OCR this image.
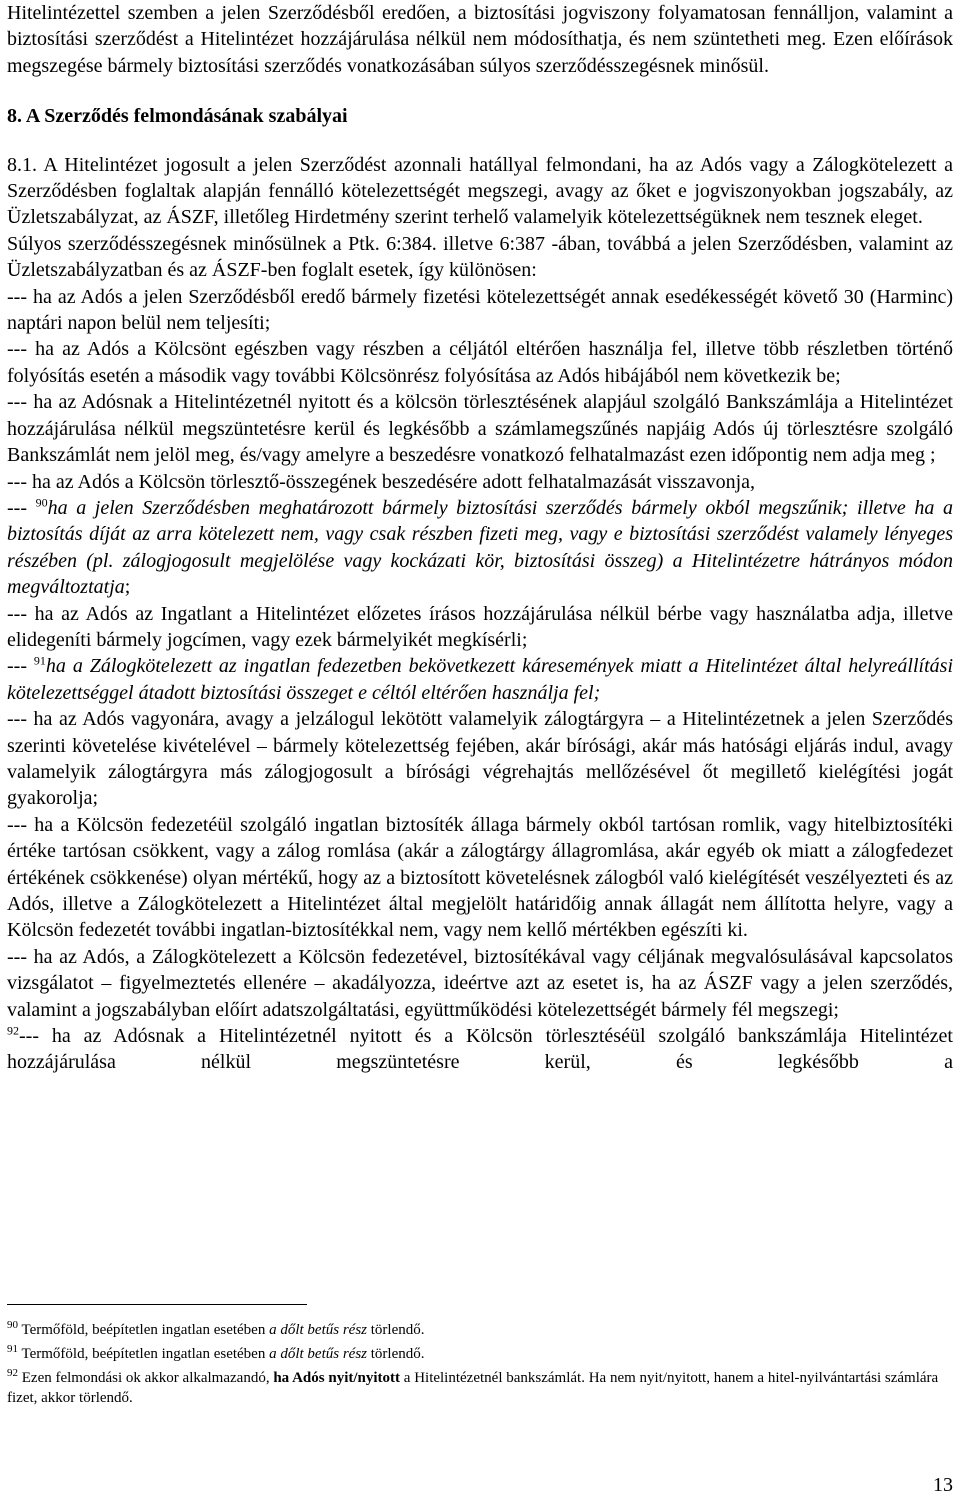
Hitelintézettel szemben a jelen Szerződésből eredően, a biztosítási jogviszony folyamatosan fennálljon, valamint a biztosítási szerződést a Hitelintézet hozzájárulása nélkül nem módosíthatja, és nem szüntetheti meg. Ezen előírások megszegése bármely biztosítási szerződés vonatkozásában súlyos szerződésszegésnek minősül.

8. A Szerződés felmondásának szabályai

8.1. A Hitelintézet jogosult a jelen Szerződést azonnali hatállyal felmondani, ha az Adós vagy a Zálogkötelezett a Szerződésben foglaltak alapján fennálló kötelezettségét megszegi, avagy az őket e jogviszonyokban jogszabály, az Üzletszabályzat, az ÁSZF, illetőleg Hirdetmény szerint terhelő valamelyik kötelezettségüknek nem tesznek eleget.

Súlyos szerződésszegésnek minősülnek a Ptk. 6:384. illetve 6:387 -ában, továbbá a jelen Szerződésben, valamint az Üzletszabályzatban és az ÁSZF-ben foglalt esetek, így különösen:

--- ha az Adós a jelen Szerződésből eredő bármely fizetési kötelezettségét annak esedékességét követő 30 (Harminc) naptári napon belül nem teljesíti;

--- ha az Adós a Kölcsönt egészben vagy részben a céljától eltérően használja fel, illetve több részletben történő folyósítás esetén a második vagy további Kölcsönrész folyósítása az Adós hibájából nem következik be;

--- ha az Adósnak a Hitelintézetnél nyitott és a kölcsön törlesztésének alapjául szolgáló Bankszámlája a Hitelintézet hozzájárulása nélkül megszüntetésre kerül és legkésőbb a számlamegszűnés napjáig Adós új törlesztésre szolgáló Bankszámlát nem jelöl meg, és/vagy amelyre a beszedésre vonatkozó felhatalmazást ezen időpontig nem adja meg ;

--- ha az Adós a Kölcsön törlesztő-összegének beszedésére adott felhatalmazását visszavonja,

--- $^{90}$ha a jelen Szerződésben meghatározott bármely biztosítási szerződés bármely okból megszűnik; illetve ha a biztosítás díját az arra kötelezett nem, vagy csak részben fizeti meg, vagy e biztosítási szerződést valamely lényeges részében (pl. zálogjogosult megjelölése vagy kockázati kör, biztosítási összeg) a Hitelintézetre hátrányos módon megváltoztatja;

--- ha az Adós az Ingatlant a Hitelintézet előzetes írásos hozzájárulása nélkül bérbe vagy használatba adja, illetve elidegeníti bármely jogcímen, vagy ezek bármelyikét megkísérli;

--- $^{91}$ha a Zálogkötelezett az ingatlan fedezetben bekövetkezett káresemények miatt a Hitelintézet által helyreállítási kötelezettséggel átadott biztosítási összeget e céltól eltérően használja fel;

--- ha az Adós vagyonára, avagy a jelzálogul lekötött valamelyik zálogtárgyra – a Hitelintézetnek a jelen Szerződés szerinti követelése kivételével – bármely kötelezettség fejében, akár bírósági, akár más hatósági eljárás indul, avagy valamelyik zálogtárgyra más zálogjogosult a bírósági végrehajtás mellőzésével őt megillető kielégítési jogát gyakorolja;

--- ha a Kölcsön fedezetéül szolgáló ingatlan biztosíték állaga bármely okból tartósan romlik, vagy hitelbiztosítéki értéke tartósan csökkent, vagy a zálog romlása (akár a zálogtárgy állagromlása, akár egyéb ok miatt a zálogfedezet értékének csökkenése) olyan mértékű, hogy az a biztosított követelésnek zálogból való kielégítését veszélyezteti és az Adós, illetve a Zálogkötelezett a Hitelintézet által megjelölt határidőig annak állagát nem állította helyre, vagy a Kölcsön fedezetét további ingatlan-biztosítékkal nem, vagy nem kellő mértékben egészíti ki.

--- ha az Adós, a Zálogkötelezett a Kölcsön fedezetével, biztosítékával vagy céljának megvalósulásával kapcsolatos vizsgálatot – figyelmeztetés ellenére – akadályozza, ideértve azt az esetet is, ha az ÁSZF vagy a jelen szerződés, valamint a jogszabályban előírt adatszolgáltatási, együttműködési kötelezettségét bármely fél megszegi;

$^{92}$--- ha az Adósnak a Hitelintézetnél nyitott és a Kölcsön törlesztéséül szolgáló bankszámlája Hitelintézet hozzájárulása nélkül megszüntetésre kerül, és legkésőbb a

$^{90}$ Termőföld, beépítetlen ingatlan esetében a dőlt betűs rész törlendő.

$^{91}$ Termőföld, beépítetlen ingatlan esetében a dőlt betűs rész törlendő.

$^{92}$ Ezen felmondási ok akkor alkalmazandó, ha Adós nyit/nyitott a Hitelintézetnél bankszámlát. Ha nem nyit/nyitott, hanem a hitel-nyilvántartási számlára fizet, akkor törlendő.

13
